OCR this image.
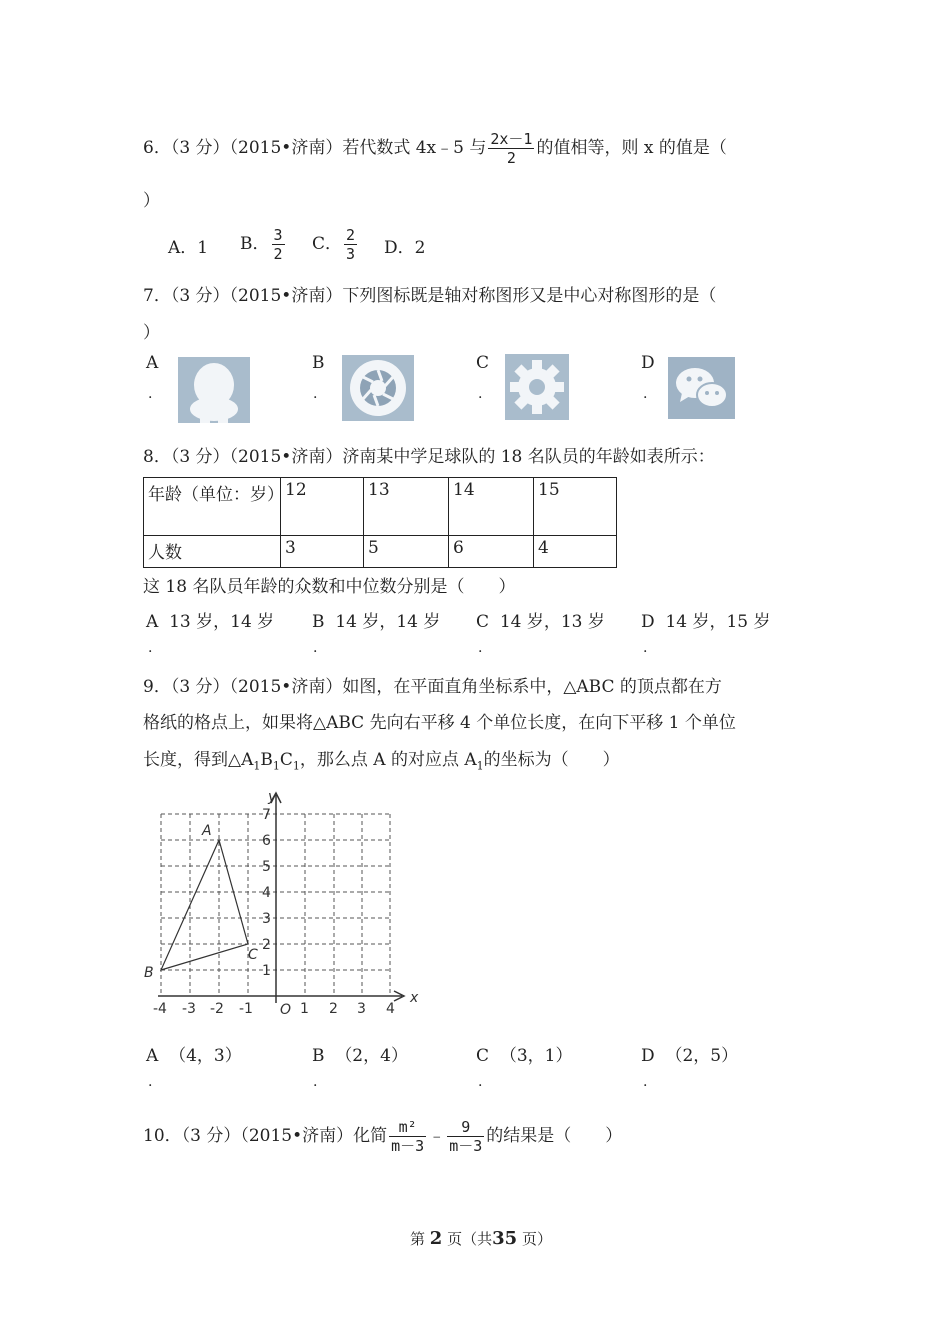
6．（3 分）（2015•济南）若代数式 4x﹣5 与 $\frac{2x-1}{2}$ 的值相等，则 x 的值是（
）
A．1 B． $\frac{3}{2}$ C． $\frac{2}{3}$ D．2
7．（3 分）（2015•济南）下列图标既是轴对称图形又是中心对称图形的是（
）
A
.
B
.
C
.
D
.
8．（3 分）（2015•济南）济南某中学足球队的 18 名队员的年龄如表所示：
年龄（单位：岁）	12	13	14	15
人数	3	5	6	4
这 18 名队员年龄的众数和中位数分别是（　　）
A 13 岁，14 岁
.
B 14 岁，14 岁
.
C 14 岁，13 岁
.
D 14 岁，15 岁
.
9．（3 分）（2015•济南）如图，在平面直角坐标系中，△ABC 的顶点都在方
格纸的格点上，如果将△ABC 先向右平移 4 个单位长度，在向下平移 1 个单位
长度，得到$\triangle A_1B_1C_1$，那么点 A 的对应点 $A_1$的坐标为（　　）
y
x
O
A
B
C
1
2
3
4
5
6
7
-4 -3 -2 -1	1 2 3 4
A （4，3）
.
B （2，4）
.
C （3，1）
.
D （2，5）
.
10．（3 分）（2015•济南）化简 $\frac{\text{m²}}{m-3}$ ﹣ $\frac{9}{m-3}$ 的结果是（　　）
第 2 页（共35 页）
